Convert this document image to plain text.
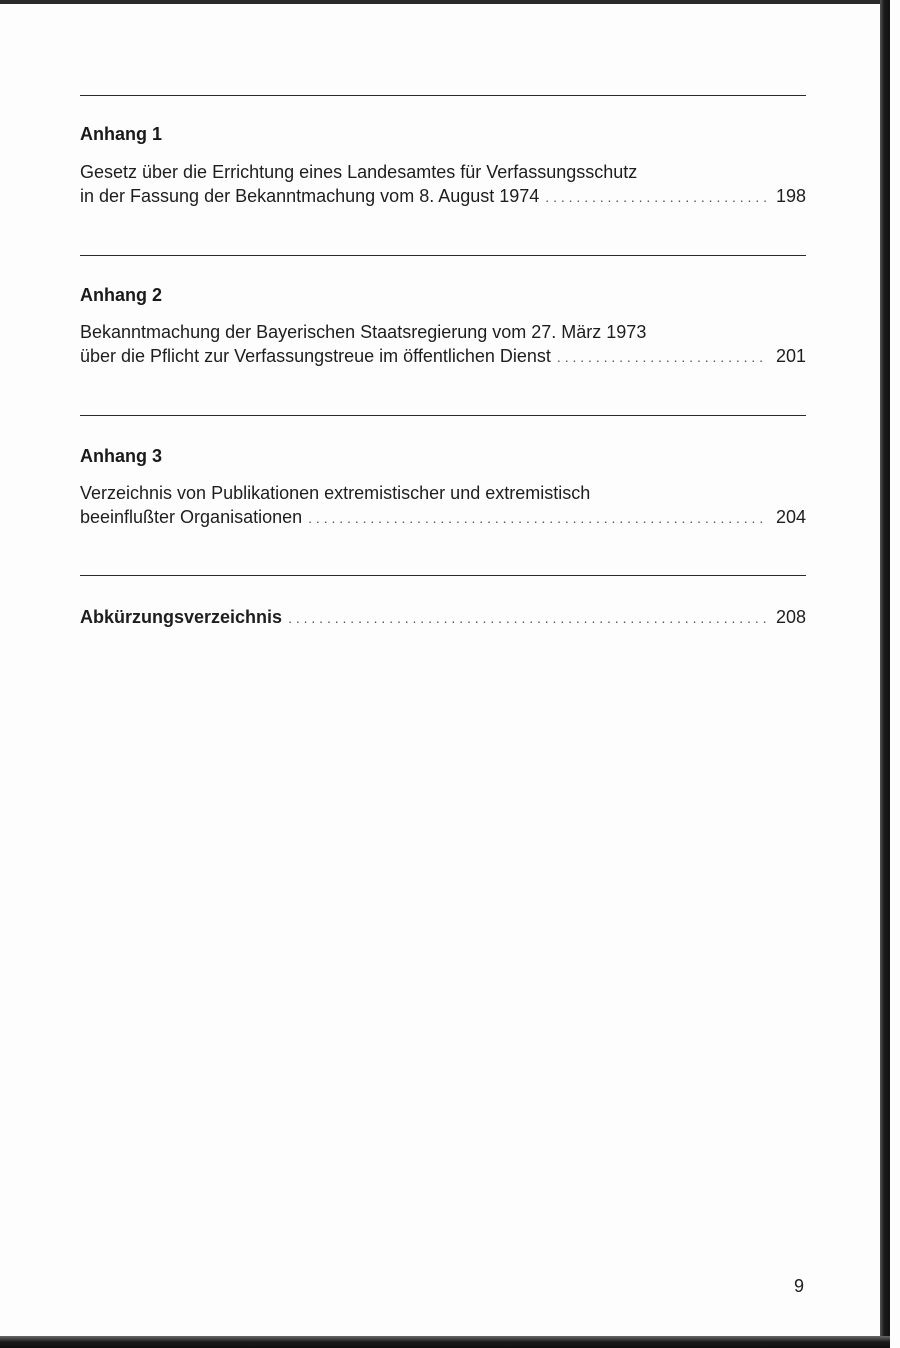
Anhang 1
Gesetz über die Errichtung eines Landesamtes für Verfassungsschutz
in der Fassung der Bekanntmachung vom 8. August 1974 . . .	198
Anhang 2
Bekanntmachung der Bayerischen Staatsregierung vom 27. März 1973
über die Pflicht zur Verfassungstreue im öffentlichen Dienst . . .	201
Anhang 3
Verzeichnis von Publikationen extremistischer und extremistisch
beeinflußter Organisationen . . .	204
Abkürzungsverzeichnis . . .	208
9
